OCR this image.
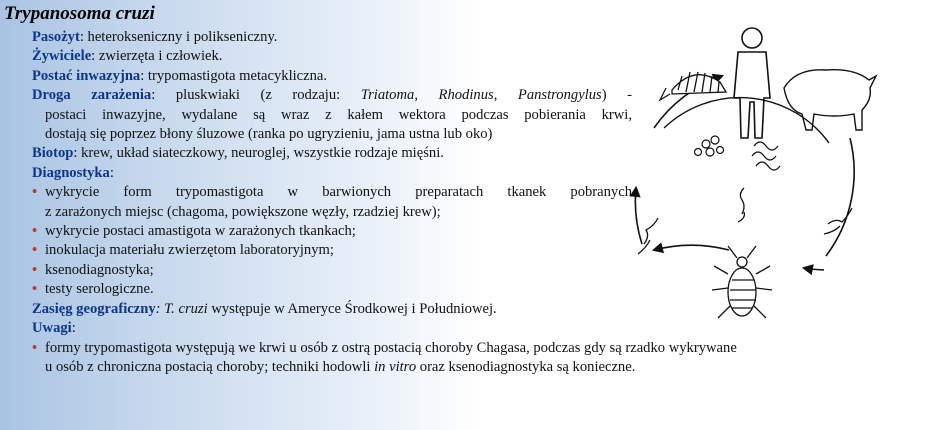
Trypanosoma cruzi
Pasożyt: heterokseniczny i polikseniczny.
Żywiciele: zwierzęta i człowiek.
Postać inwazyjna: trypomastigota metacykliczna.
Droga zarażenia: pluskwiaki (z rodzaju: Triatoma, Rhodinus, Panstrongylus) -
postaci inwazyjne, wydalane są wraz z kałem wektora podczas pobierania krwi,
dostają się poprzez błony śluzowe (ranka po ugryzieniu, jama ustna lub oko)
Biotop: krew, układ siateczkowy, neuroglej, wszystkie rodzaje mięśni.
Diagnostyka:
• wykrycie form trypomastigota w barwionych preparatach tkanek pobranych
z zarażonych miejsc (chagoma, powiększone węzły, rzadziej krew);
• wykrycie postaci amastigota w zarażonych tkankach;
• inokulacja materiału zwierzętom laboratoryjnym;
• ksenodiagnostyka;
• testy serologiczne.
Zasięg geograficzny: T. cruzi występuje w Ameryce Środkowej i Południowej.
Uwagi:
• formy trypomastigota występują we krwi u osób z ostrą postacią choroby Chagasa, podczas gdy są rzadko wykrywane
u osób z chroniczna postacią choroby; techniki hodowli in vitro oraz ksenodiagnostyka są konieczne.
